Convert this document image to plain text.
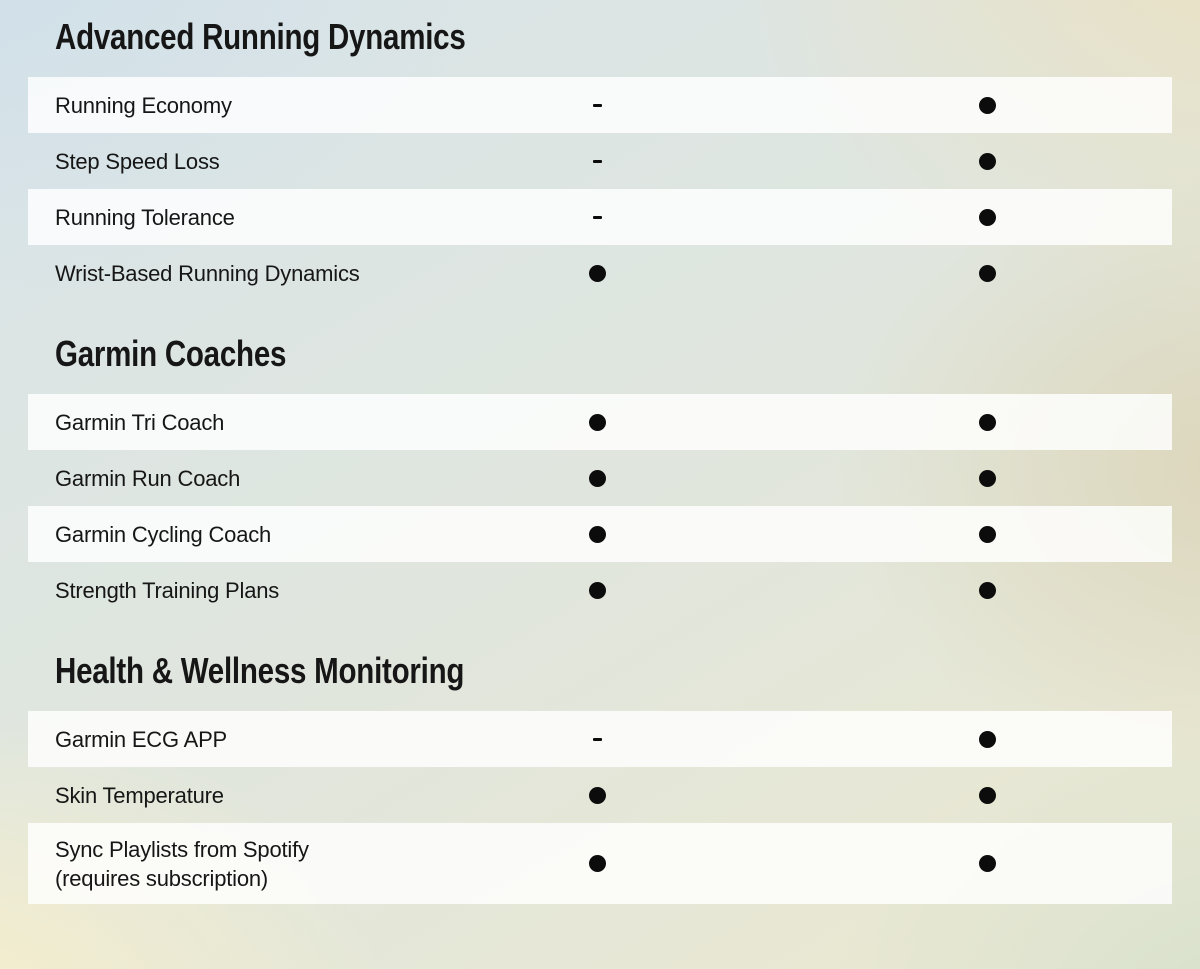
Advanced Running Dynamics
Running Economy
Step Speed Loss
Running Tolerance
Wrist-Based Running Dynamics
Garmin Coaches
Garmin Tri Coach
Garmin Run Coach
Garmin Cycling Coach
Strength Training Plans
Health & Wellness Monitoring
Garmin ECG APP
Skin Temperature
Sync Playlists from Spotify
(requires subscription)
